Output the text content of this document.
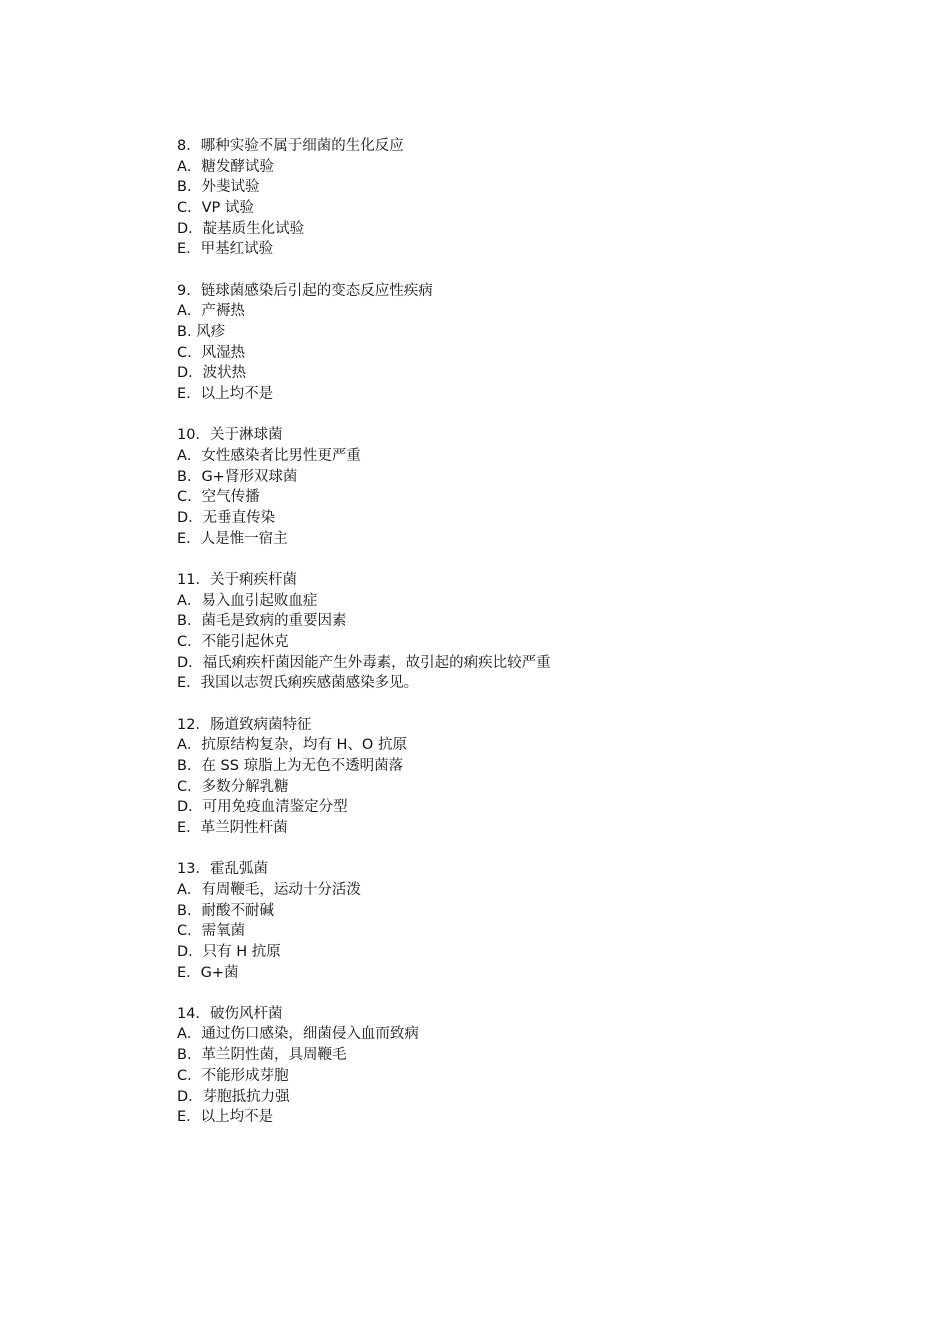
8．哪种实验不属于细菌的生化反应
A．糖发酵试验
B．外斐试验
C．VP 试验
D．靛基质生化试验
E．甲基红试验
9．链球菌感染后引起的变态反应性疾病
A．产褥热
B. 风疹
C．风湿热
D．波状热
E．以上均不是
10．关于淋球菌
A．女性感染者比男性更严重
B．G+肾形双球菌
C．空气传播
D．无垂直传染
E．人是惟一宿主
11．关于痢疾杆菌
A．易入血引起败血症
B．菌毛是致病的重要因素
C．不能引起休克
D．福氏痢疾杆菌因能产生外毒素，故引起的痢疾比较严重
E．我国以志贺氏痢疾感菌感染多见。
12．肠道致病菌特征
A．抗原结构复杂，均有 H、O 抗原
B．在 SS 琼脂上为无色不透明菌落
C．多数分解乳糖
D．可用免疫血清鉴定分型
E．革兰阴性杆菌
13．霍乱弧菌
A．有周鞭毛，运动十分活泼
B．耐酸不耐碱
C．需氧菌
D．只有 H 抗原
E．G+菌
14．破伤风杆菌
A．通过伤口感染，细菌侵入血而致病
B．革兰阴性菌，具周鞭毛
C．不能形成芽胞
D．芽胞抵抗力强
E．以上均不是
